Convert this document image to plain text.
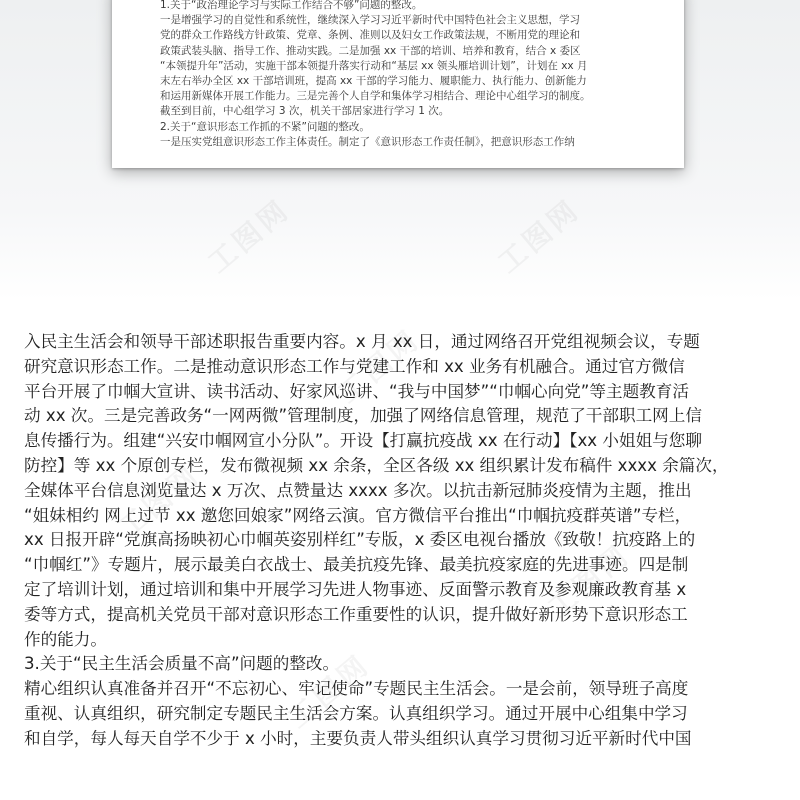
1.关于“政治理论学习与实际工作结合不够”问题的整改。
一是增强学习的自觉性和系统性，继续深入学习习近平新时代中国特色社会主义思想，学习
党的群众工作路线方针政策、党章、条例、准则以及妇女工作政策法规，不断用党的理论和
政策武装头脑、指导工作、推动实践。二是加强 xx 干部的培训、培养和教育，结合 x 委区
“本领提升年”活动，实施干部本领提升落实行动和“基层 xx 领头雁培训计划”，计划在 xx 月
末左右举办全区 xx 干部培训班，提高 xx 干部的学习能力、履职能力、执行能力、创新能力
和运用新媒体开展工作能力。三是完善个人自学和集体学习相结合、理论中心组学习的制度。
截至到目前，中心组学习 3 次，机关干部居家进行学习 1 次。
2.关于“意识形态工作抓的不紧”问题的整改。
一是压实党组意识形态工作主体责任。制定了《意识形态工作责任制》，把意识形态工作纳
工图网	工图网
工图网
工图网
工图网
工图网
入民主生活会和领导干部述职报告重要内容。x 月 xx 日，通过网络召开党组视频会议，专题
研究意识形态工作。二是推动意识形态工作与党建工作和 xx 业务有机融合。通过官方微信
平台开展了巾帼大宣讲、读书活动、好家风巡讲、“我与中国梦”“巾帼心向党”等主题教育活
动 xx 次。三是完善政务“一网两微”管理制度，加强了网络信息管理，规范了干部职工网上信
息传播行为。组建“兴安巾帼网宣小分队”。开设【打赢抗疫战 xx 在行动】【xx 小姐姐与您聊
防控】等 xx 个原创专栏，发布微视频 xx 余条，全区各级 xx 组织累计发布稿件 xxxx 余篇次，
全媒体平台信息浏览量达 x 万次、点赞量达 xxxx 多次。以抗击新冠肺炎疫情为主题，推出
“姐妹相约 网上过节 xx 邀您回娘家”网络云演。官方微信平台推出“巾帼抗疫群英谱”专栏，
xx 日报开辟“党旗高扬映初心巾帼英姿别样红”专版，x 委区电视台播放《致敬！抗疫路上的
“巾帼红”》专题片，展示最美白衣战士、最美抗疫先锋、最美抗疫家庭的先进事迹。四是制
定了培训计划，通过培训和集中开展学习先进人物事迹、反面警示教育及参观廉政教育基 x
委等方式，提高机关党员干部对意识形态工作重要性的认识，提升做好新形势下意识形态工
作的能力。
3.关于“民主生活会质量不高”问题的整改。
精心组织认真准备并召开“不忘初心、牢记使命”专题民主生活会。一是会前，领导班子高度
重视、认真组织，研究制定专题民主生活会方案。认真组织学习。通过开展中心组集中学习
和自学，每人每天自学不少于 x 小时，主要负责人带头组织认真学习贯彻习近平新时代中国
